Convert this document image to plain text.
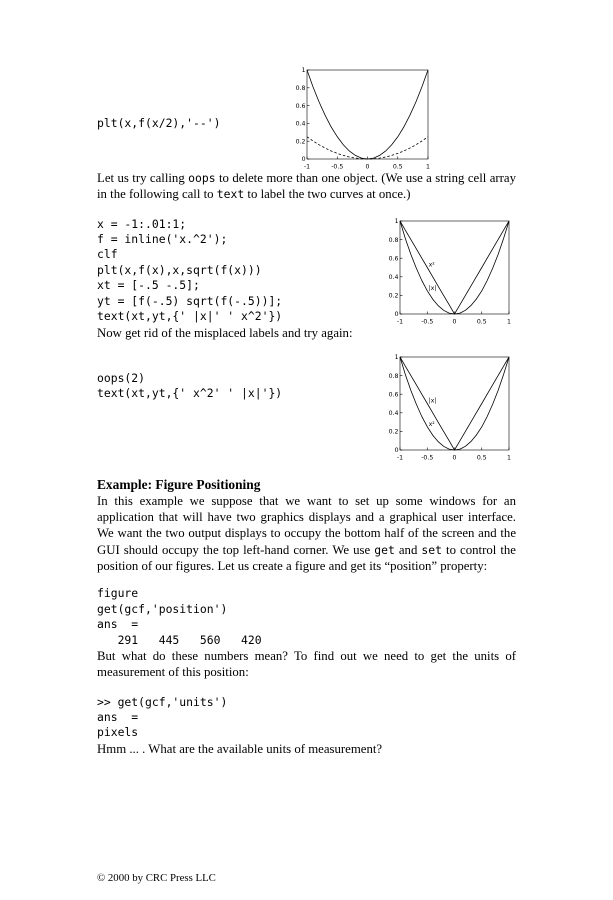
plt(x,f(x/2),'--')
-1	-0.5	0	0.5	1
0
0.2
0.4
0.6
0.8
1

Let us try calling oops to delete more than one object. (We use a string cell array in the following call to text to label the two curves at once.)

x = -1:.01:1;
f = inline('x.^2');
clf
plt(x,f(x),x,sqrt(f(x)))
xt = [-.5 -.5];
yt = [f(-.5) sqrt(f(-.5))];
text(xt,yt,{' |x|' ' x^2'})	-1	-0.5	0	0.5	1
0
0.2
0.4
0.6
0.8
1
x²
|x|

Now get rid of the misplaced labels and try again:

oops(2)
text(xt,yt,{' x^2' ' |x|'})
-1	-0.5	0	0.5	1
0
0.2
0.4
0.6
0.8
1
|x|
x²
Example: Figure Positioning

In this example we suppose that we want to set up some windows for an application that will have two graphics displays and a graphical user interface. We want the two output displays to occupy the bottom half of the screen and the GUI should occupy the top left-hand corner. We use get and set to control the position of our figures. Let us create a figure and get its “position” property:

figure
get(gcf,'position')
ans  =
291   445   560   420

But what do these numbers mean? To find out we need to get the units of measurement of this position:

>> get(gcf,'units')
ans  =
pixels

Hmm ... . What are the available units of measurement?

© 2000 by CRC Press LLC
